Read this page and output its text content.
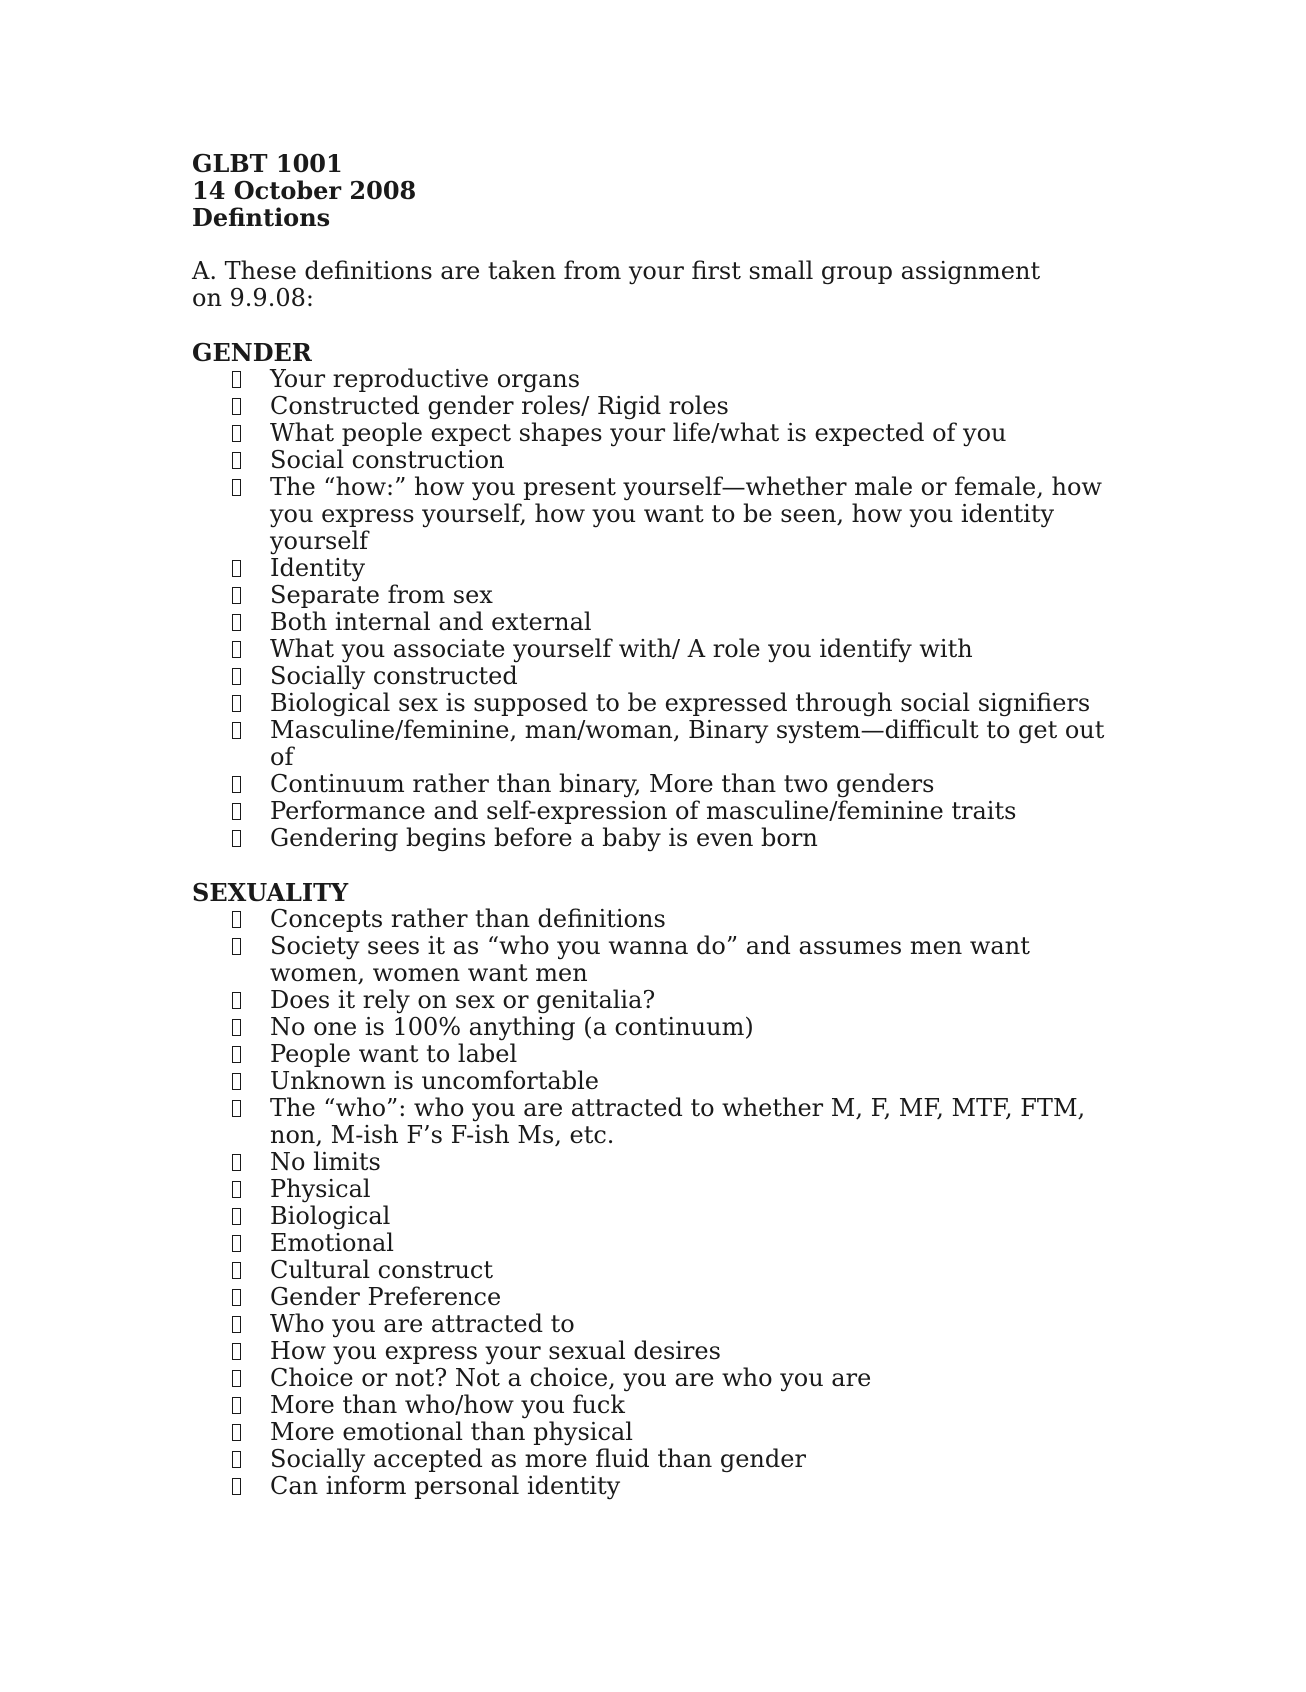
GLBT 1001
14 October 2008
Defintions

A. These definitions are taken from your first small group assignment on 9.9.08:

GENDER
Your reproductive organs
Constructed gender roles/ Rigid roles
What people expect shapes your life/what is expected of you
Social construction
The “how:” how you present yourself—whether male or female, how you express yourself, how you want to be seen, how you identity yourself
Identity
Separate from sex
Both internal and external
What you associate yourself with/ A role you identify with
Socially constructed
Biological sex is supposed to be expressed through social signifiers
Masculine/feminine, man/woman, Binary system—difficult to get out of
Continuum rather than binary, More than two genders
Performance and self-expression of masculine/feminine traits
Gendering begins before a baby is even born
SEXUALITY
Concepts rather than definitions
Society sees it as “who you wanna do” and assumes men want women, women want men
Does it rely on sex or genitalia?
No one is 100% anything (a continuum)
People want to label
Unknown is uncomfortable
The “who”: who you are attracted to whether M, F, MF, MTF, FTM, non, M-ish F’s F-ish Ms, etc.
No limits
Physical
Biological
Emotional
Cultural construct
Gender Preference
Who you are attracted to
How you express your sexual desires
Choice or not? Not a choice, you are who you are
More than who/how you fuck
More emotional than physical
Socially accepted as more fluid than gender
Can inform personal identity
